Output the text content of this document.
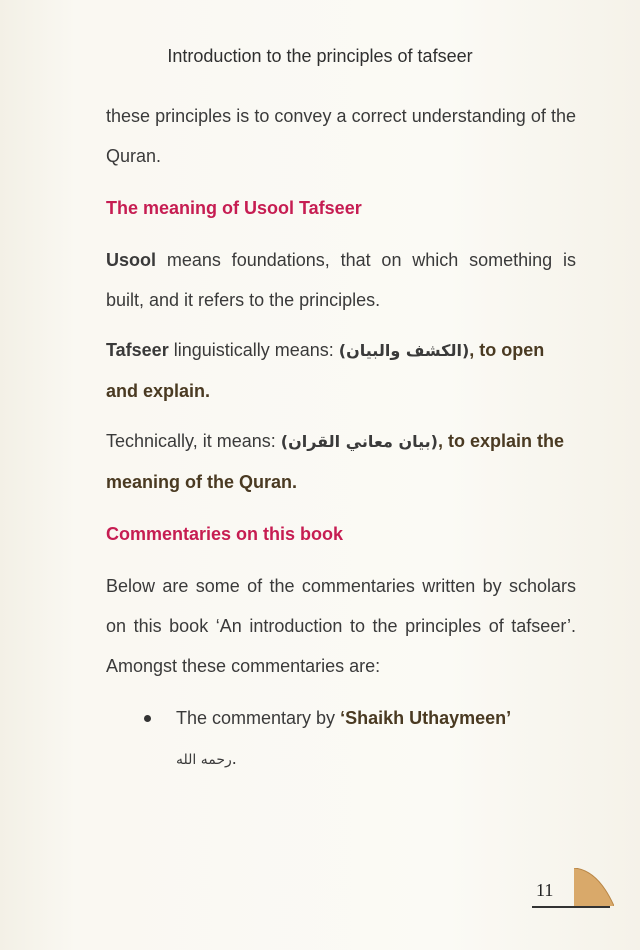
Introduction to the principles of tafseer

these principles is to convey a correct understanding of the Quran.

The meaning of Usool Tafseer

Usool means foundations, that on which something is built, and it refers to the principles.

Tafseer linguistically means: (الكشف والبيان), to open and explain.

Technically, it means: (بيان معاني القران), to explain the meaning of the Quran.

Commentaries on this book

Below are some of the commentaries written by scholars on this book ‘An introduction to the principles of tafseer’. Amongst these commentaries are:

The commentary by ‘Shaikh Uthaymeen’
رحمه الله.
11
